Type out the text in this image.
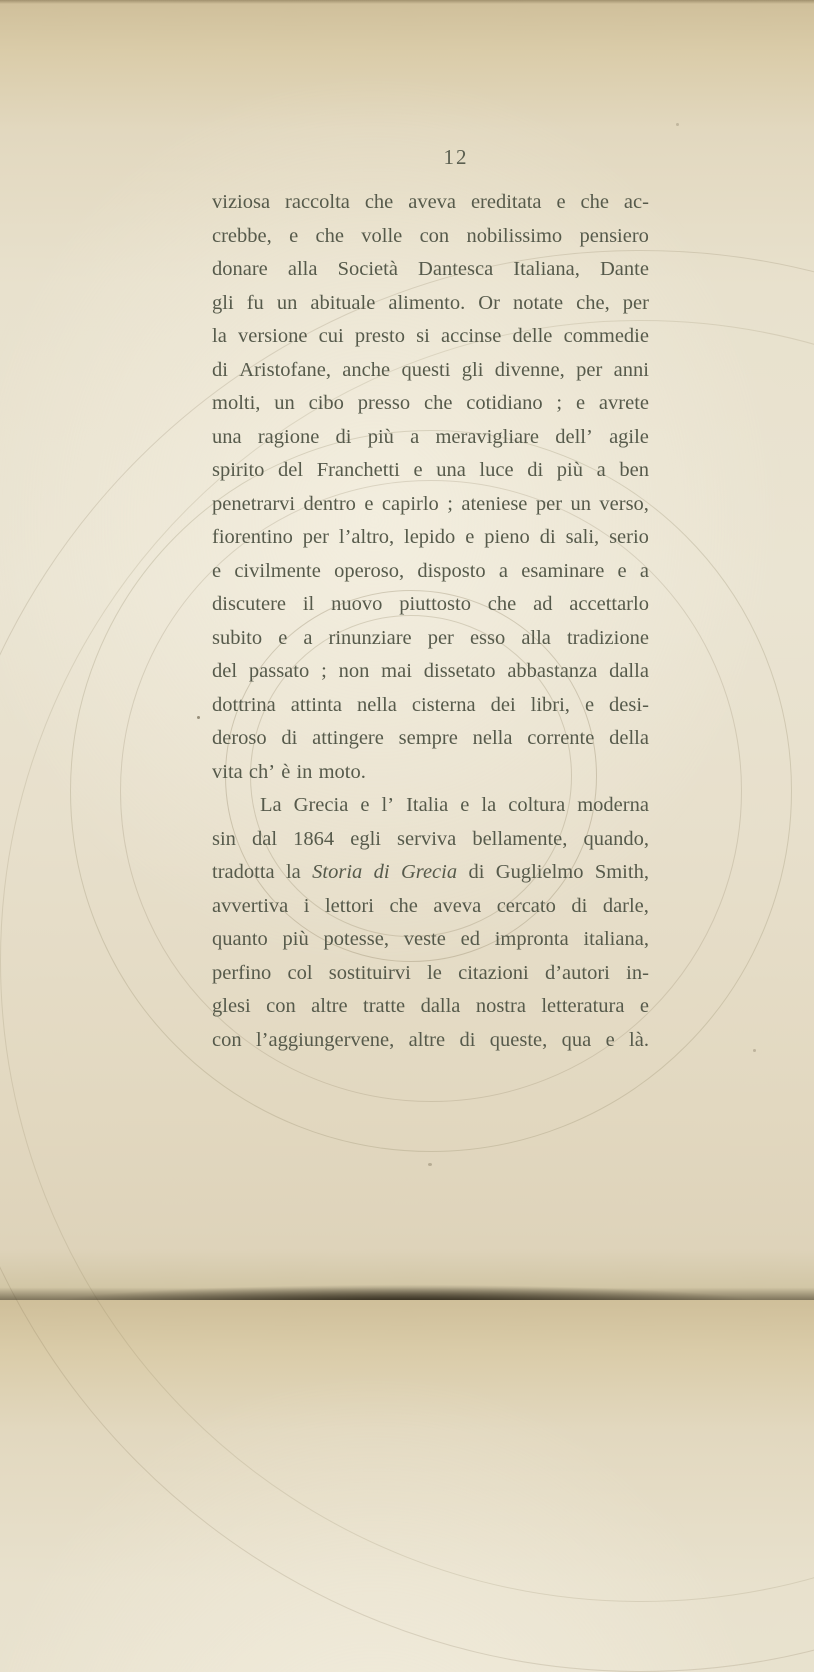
12
viziosa raccolta che aveva ereditata e che ac-
crebbe, e che volle con nobilissimo pensiero
donare alla Società Dantesca Italiana, Dante
gli fu un abituale alimento. Or notate che, per
la versione cui presto si accinse delle commedie
di Aristofane, anche questi gli divenne, per anni
molti, un cibo presso che cotidiano ; e avrete
una ragione di più a meravigliare dell’ agile
spirito del Franchetti e una luce di più a ben
penetrarvi dentro e capirlo ; ateniese per un verso,
fiorentino per l’altro, lepido e pieno di sali, serio
e civilmente operoso, disposto a esaminare e a
discutere il nuovo piuttosto che ad accettarlo
subito e a rinunziare per esso alla tradizione
del passato ; non mai dissetato abbastanza dalla
dottrina attinta nella cisterna dei libri, e desi-
deroso di attingere sempre nella corrente della
vita ch’ è in moto.
La Grecia e l’ Italia e la coltura moderna
sin dal 1864 egli serviva bellamente, quando,
tradotta la Storia di Grecia di Guglielmo Smith,
avvertiva i lettori che aveva cercato di darle,
quanto più potesse, veste ed impronta italiana,
perfino col sostituirvi le citazioni d’autori in-
glesi con altre tratte dalla nostra letteratura e
con l’aggiungervene, altre di queste, qua e là.
